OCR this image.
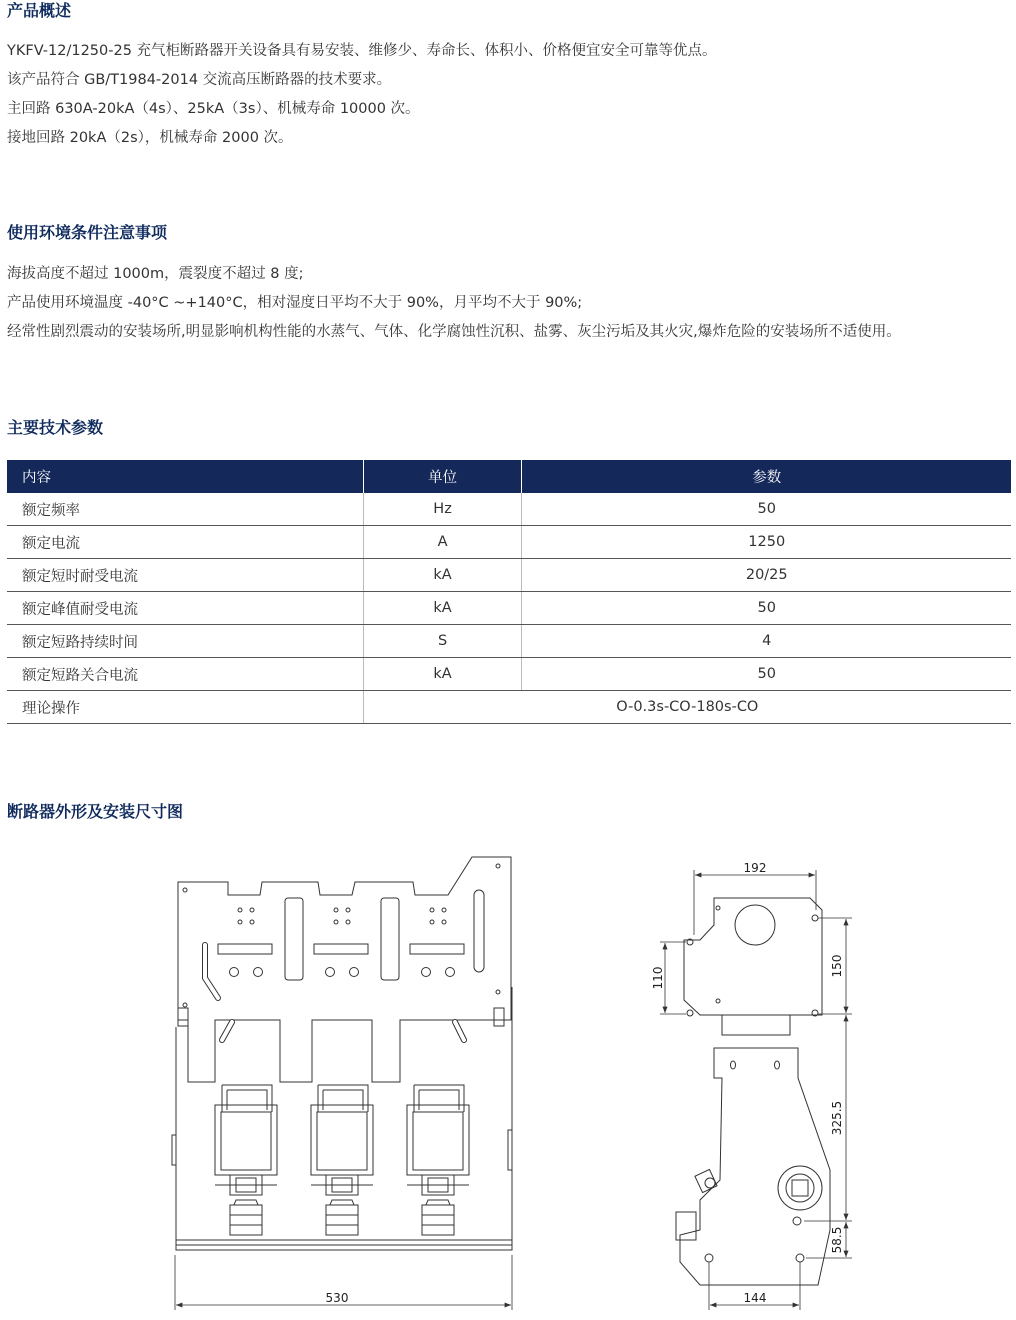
产品概述
YKFV-12/1250-25 充气柜断路器开关设备具有易安装、维修少、寿命长、体积小、价格便宜安全可靠等优点。
该产品符合 GB/T1984-2014 交流高压断路器的技术要求。
主回路 630A-20kA（4s）、25kA（3s）、机械寿命 10000 次。
接地回路 20kA（2s），机械寿命 2000 次。
使用环境条件注意事项
海拔高度不超过 1000m，震裂度不超过 8 度;
产品使用环境温度 -40°C ~+140°C，相对湿度日平均不大于 90%，月平均不大于 90%;
经常性剧烈震动的安装场所,明显影响机构性能的水蒸气、气体、化学腐蚀性沉积、盐雾、灰尘污垢及其火灾,爆炸危险的安装场所不适使用。
主要技术参数
内容	单位	参数
额定频率	Hz	50
额定电流	A	1250
额定短时耐受电流	kA	20/25
额定峰值耐受电流	kA	50
额定短路持续时间	S	4
额定短路关合电流	kA	50
理论操作	O-0.3s-CO-180s-CO	
断路器外形及安装尺寸图
530
192
110
150
325.5
58.5
144
